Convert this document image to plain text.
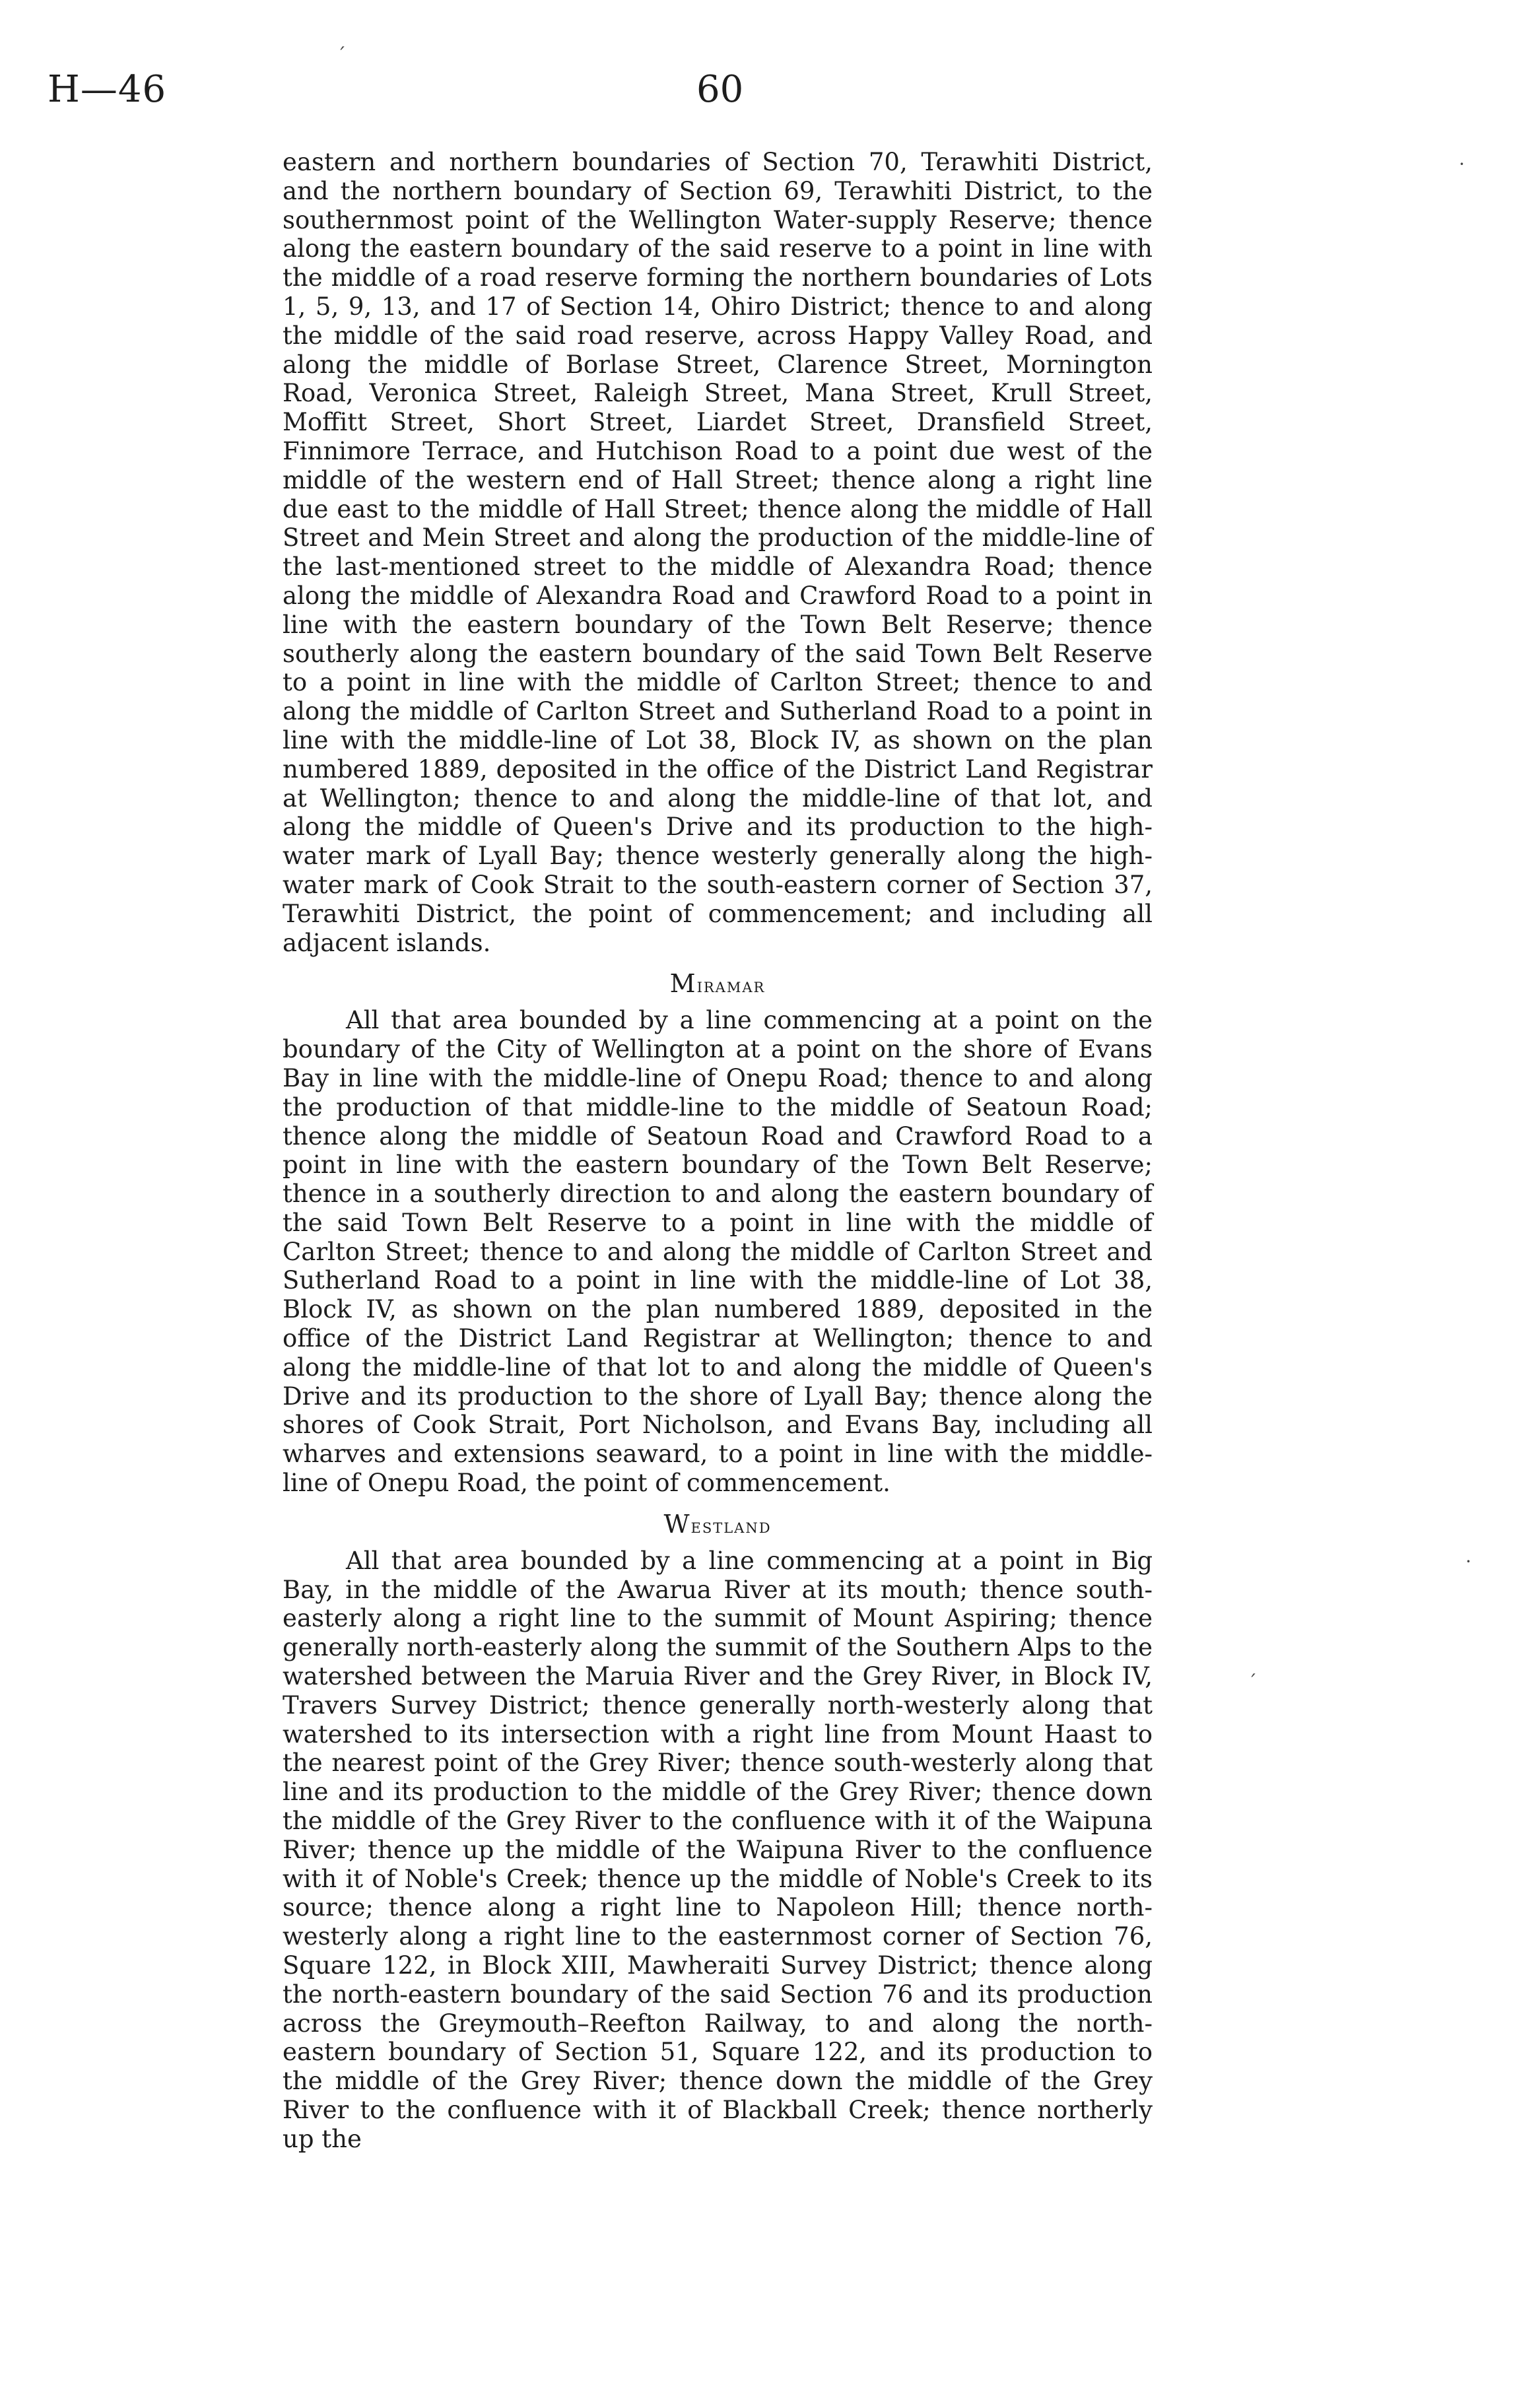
H—46	60

eastern and northern boundaries of Section 70, Terawhiti District, and the northern boundary of Section 69, Terawhiti District, to the southernmost point of the Wellington Water-supply Reserve; thence along the eastern boundary of the said reserve to a point in line with the middle of a road reserve forming the northern boundaries of Lots 1, 5, 9, 13, and 17 of Section 14, Ohiro District; thence to and along the middle of the said road reserve, across Happy Valley Road, and along the middle of Borlase Street, Clarence Street, Mornington Road, Veronica Street, Raleigh Street, Mana Street, Krull Street, Moffitt Street, Short Street, Liardet Street, Dransfield Street, Finnimore Terrace, and Hutchison Road to a point due west of the middle of the western end of Hall Street; thence along a right line due east to the middle of Hall Street; thence along the middle of Hall Street and Mein Street and along the production of the middle-line of the last-mentioned street to the middle of Alexandra Road; thence along the middle of Alexandra Road and Crawford Road to a point in line with the eastern boundary of the Town Belt Reserve; thence southerly along the eastern boundary of the said Town Belt Reserve to a point in line with the middle of Carlton Street; thence to and along the middle of Carlton Street and Sutherland Road to a point in line with the middle-line of Lot 38, Block IV, as shown on the plan numbered 1889, deposited in the office of the District Land Registrar at Wellington; thence to and along the middle-line of that lot, and along the middle of Queen's Drive and its production to the high-water mark of Lyall Bay; thence westerly generally along the high-water mark of Cook Strait to the south-eastern corner of Section 37, Terawhiti District, the point of commencement; and including all adjacent islands.

Miramar

All that area bounded by a line commencing at a point on the boundary of the City of Wellington at a point on the shore of Evans Bay in line with the middle-line of Onepu Road; thence to and along the production of that middle-line to the middle of Seatoun Road; thence along the middle of Seatoun Road and Crawford Road to a point in line with the eastern boundary of the Town Belt Reserve; thence in a southerly direction to and along the eastern boundary of the said Town Belt Reserve to a point in line with the middle of Carlton Street; thence to and along the middle of Carlton Street and Sutherland Road to a point in line with the middle-line of Lot 38, Block IV, as shown on the plan numbered 1889, deposited in the office of the District Land Registrar at Wellington; thence to and along the middle-line of that lot to and along the middle of Queen's Drive and its production to the shore of Lyall Bay; thence along the shores of Cook Strait, Port Nicholson, and Evans Bay, including all wharves and extensions seaward, to a point in line with the middle-line of Onepu Road, the point of commencement.

Westland

All that area bounded by a line commencing at a point in Big Bay, in the middle of the Awarua River at its mouth; thence south-easterly along a right line to the summit of Mount Aspiring; thence generally north-easterly along the summit of the Southern Alps to the watershed between the Maruia River and the Grey River, in Block IV, Travers Survey District; thence generally north-westerly along that watershed to its intersection with a right line from Mount Haast to the nearest point of the Grey River; thence south-westerly along that line and its production to the middle of the Grey River; thence down the middle of the Grey River to the confluence with it of the Waipuna River; thence up the middle of the Waipuna River to the confluence with it of Noble's Creek; thence up the middle of Noble's Creek to its source; thence along a right line to Napoleon Hill; thence north-westerly along a right line to the easternmost corner of Section 76, Square 122, in Block XIII, Mawheraiti Survey District; thence along the north-eastern boundary of the said Section 76 and its production across the Greymouth–Reefton Railway, to and along the north-eastern boundary of Section 51, Square 122, and its production to the middle of the Grey River; thence down the middle of the Grey River to the confluence with it of Blackball Creek; thence northerly up the

ˊ
·
ˊ
·
